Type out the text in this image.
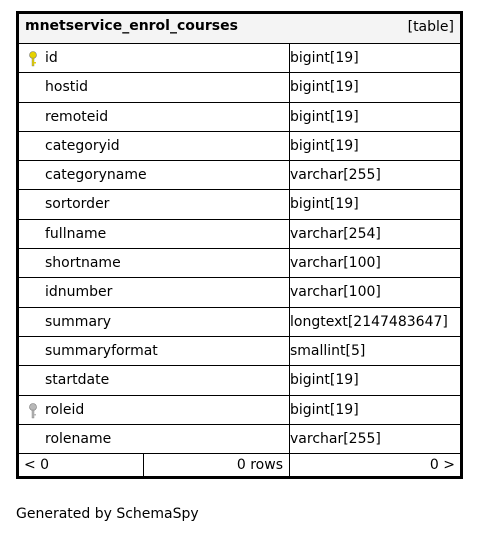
mnetservice_enrol_courses	[table]
id	bigint[19]
hostid	bigint[19]
remoteid	bigint[19]
categoryid	bigint[19]
categoryname	varchar[255]
sortorder	bigint[19]
fullname	varchar[254]
shortname	varchar[100]
idnumber	varchar[100]
summary	longtext[2147483647]
summaryformat	smallint[5]
startdate	bigint[19]
roleid	bigint[19]
rolename	varchar[255]
< 0	0 rows	0 >
Generated by SchemaSpy
